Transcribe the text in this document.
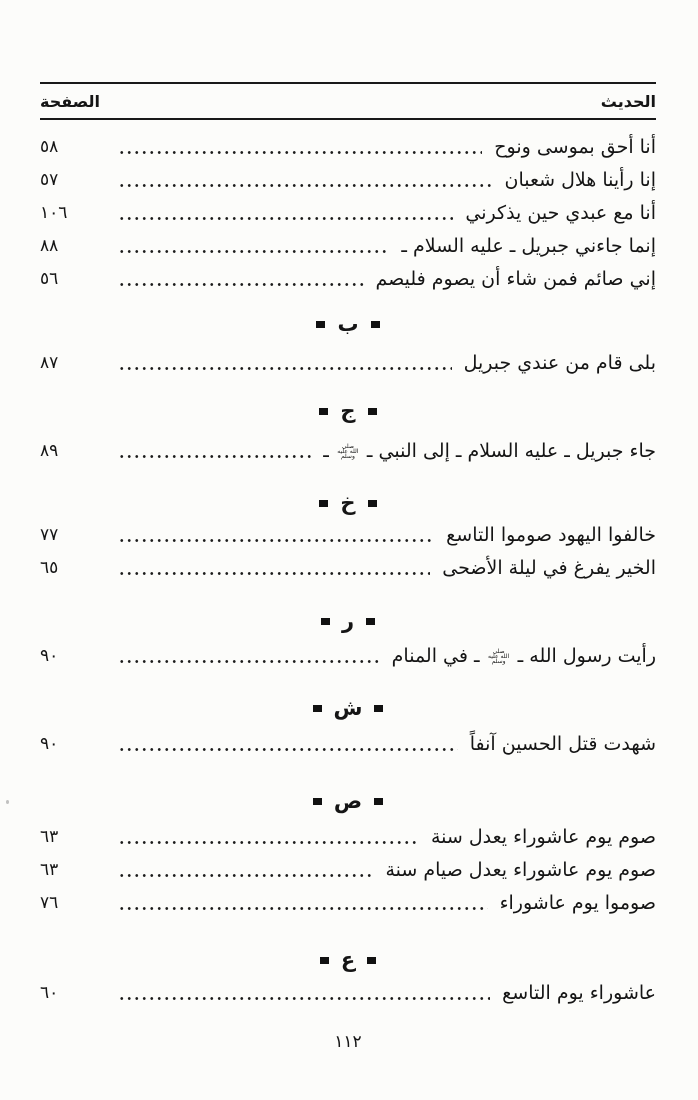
الحديث
الصفحة
أنا أحق بموسى ونوح
٥٨
إنا رأينا هلال شعبان
٥٧
أنا مع عبدي حين يذكرني
١٠٦
إنما جاءني جبريل ـ عليه السلام ـ
٨٨
إني صائم فمن شاء أن يصوم فليصم
٥٦
ب
بلى قام من عندي جبريل
٨٧
ج
جاء جبريل ـ عليه السلام ـ إلى النبي ـ صلى الله عليه وسلم ـ
٨٩
خ
خالفوا اليهود صوموا التاسع
٧٧
الخير يفرغ في ليلة الأضحى
٦٥
ر
رأيت رسول الله ـ صلى الله عليه وسلم ـ في المنام
٩٠
ش
شهدت قتل الحسين آنفاً
٩٠
ص
صوم يوم عاشوراء يعدل سنة
٦٣
صوم يوم عاشوراء يعدل صيام سنة
٦٣
صوموا يوم عاشوراء
٧٦
ع
عاشوراء يوم التاسع
٦٠
١١٢
